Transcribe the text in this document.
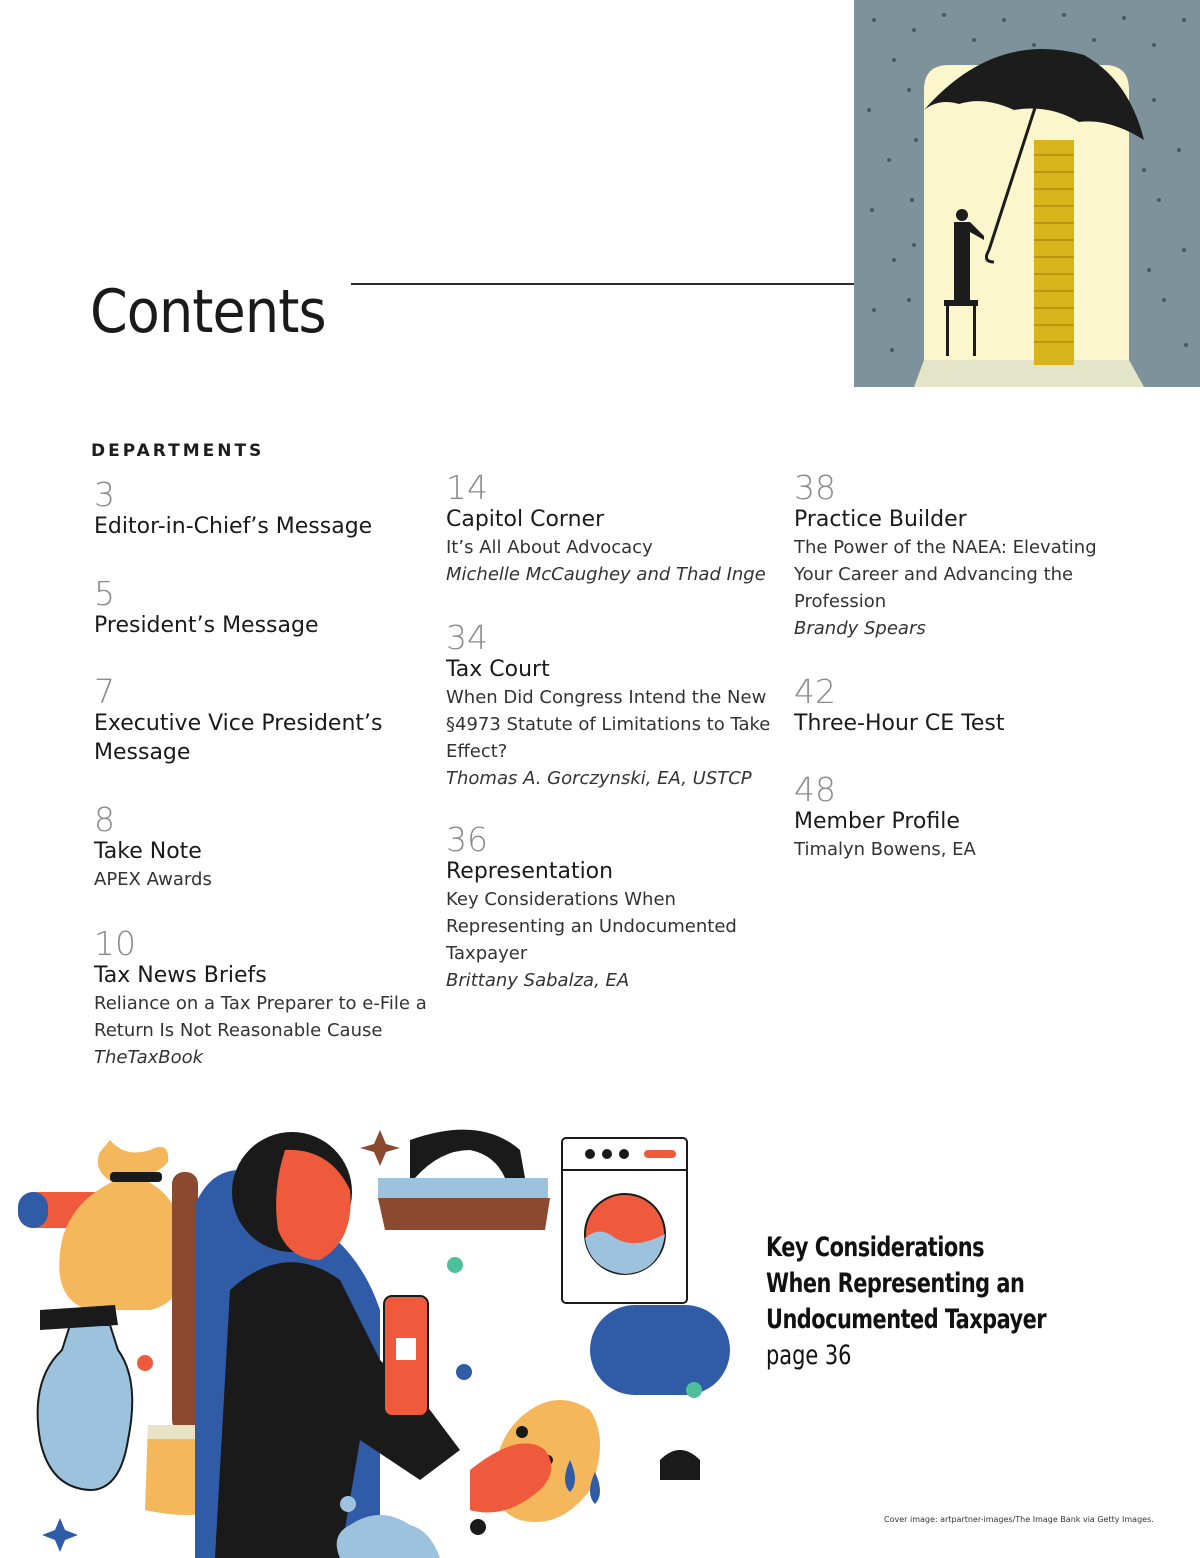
Contents
DEPARTMENTS
3
Editor-in-Chief’s Message
5
President’s Message
7
Executive Vice President’s Message
8
Take Note
APEX Awards
10
Tax News Briefs
Reliance on a Tax Preparer to e-File a Return Is Not Reasonable Cause
TheTaxBook
14
Capitol Corner
It’s All About Advocacy
Michelle McCaughey and Thad Inge
34
Tax Court
When Did Congress Intend the New §4973 Statute of Limitations to Take Effect?
Thomas A. Gorczynski, EA, USTCP
36
Representation
Key Considerations When Representing an Undocumented Taxpayer
Brittany Sabalza, EA
38
Practice Builder
The Power of the NAEA: Elevating Your Career and Advancing the Profession
Brandy Spears
42
Three-Hour CE Test
48
Member Profile
Timalyn Bowens, EA
Key Considerations
When Representing an
Undocumented Taxpayer
page 36
Cover image: artpartner-images/The Image Bank via Getty Images.
